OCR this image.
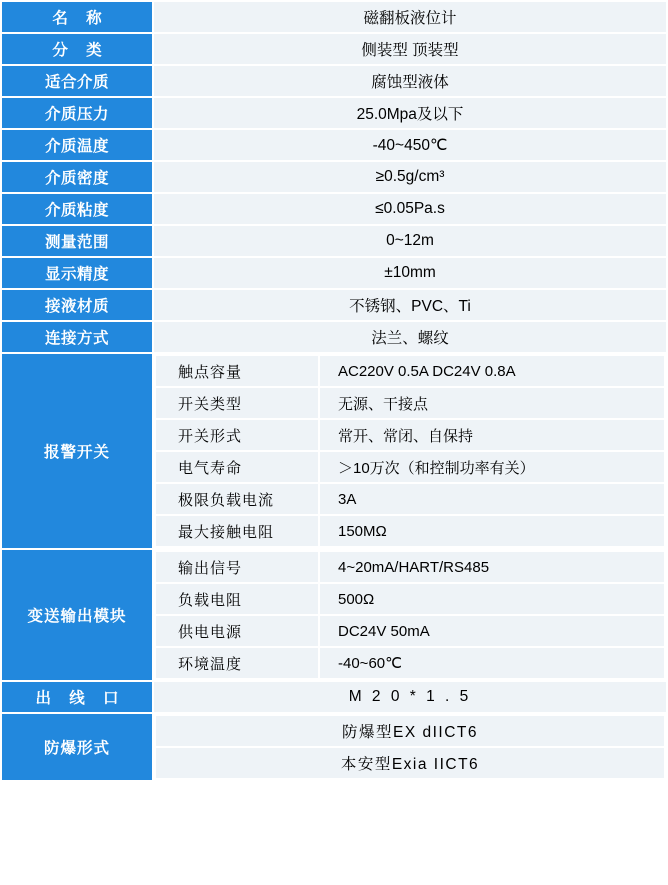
名 称	磁翻板液位计
分 类	侧装型 顶装型
适合介质	腐蚀型液体
介质压力	25.0Mpa及以下
介质温度	-40~450℃
介质密度	≥0.5g/cm³
介质粘度	≤0.05Pa.s
测量范围	0~12m
显示精度	±10mm
接液材质	不锈钢、PVC、Ti
连接方式	法兰、螺纹
报警开关	
触点容量	AC220V 0.5A DC24V 0.8A
开关类型	无源、干接点
开关形式	常开、常闭、自保持
电气寿命	＞10万次（和控制功率有关）
极限负载电流	3A
最大接触电阻	150MΩ

变送输出模块	
输出信号	4~20mA/HART/RS485
负载电阻	500Ω
供电电源	DC24V 50mA
环境温度	-40~60℃

出 线 口	M 2 0 * 1 . 5
防爆形式	
防爆型EX dIICT6
本安型Exia IICT6
